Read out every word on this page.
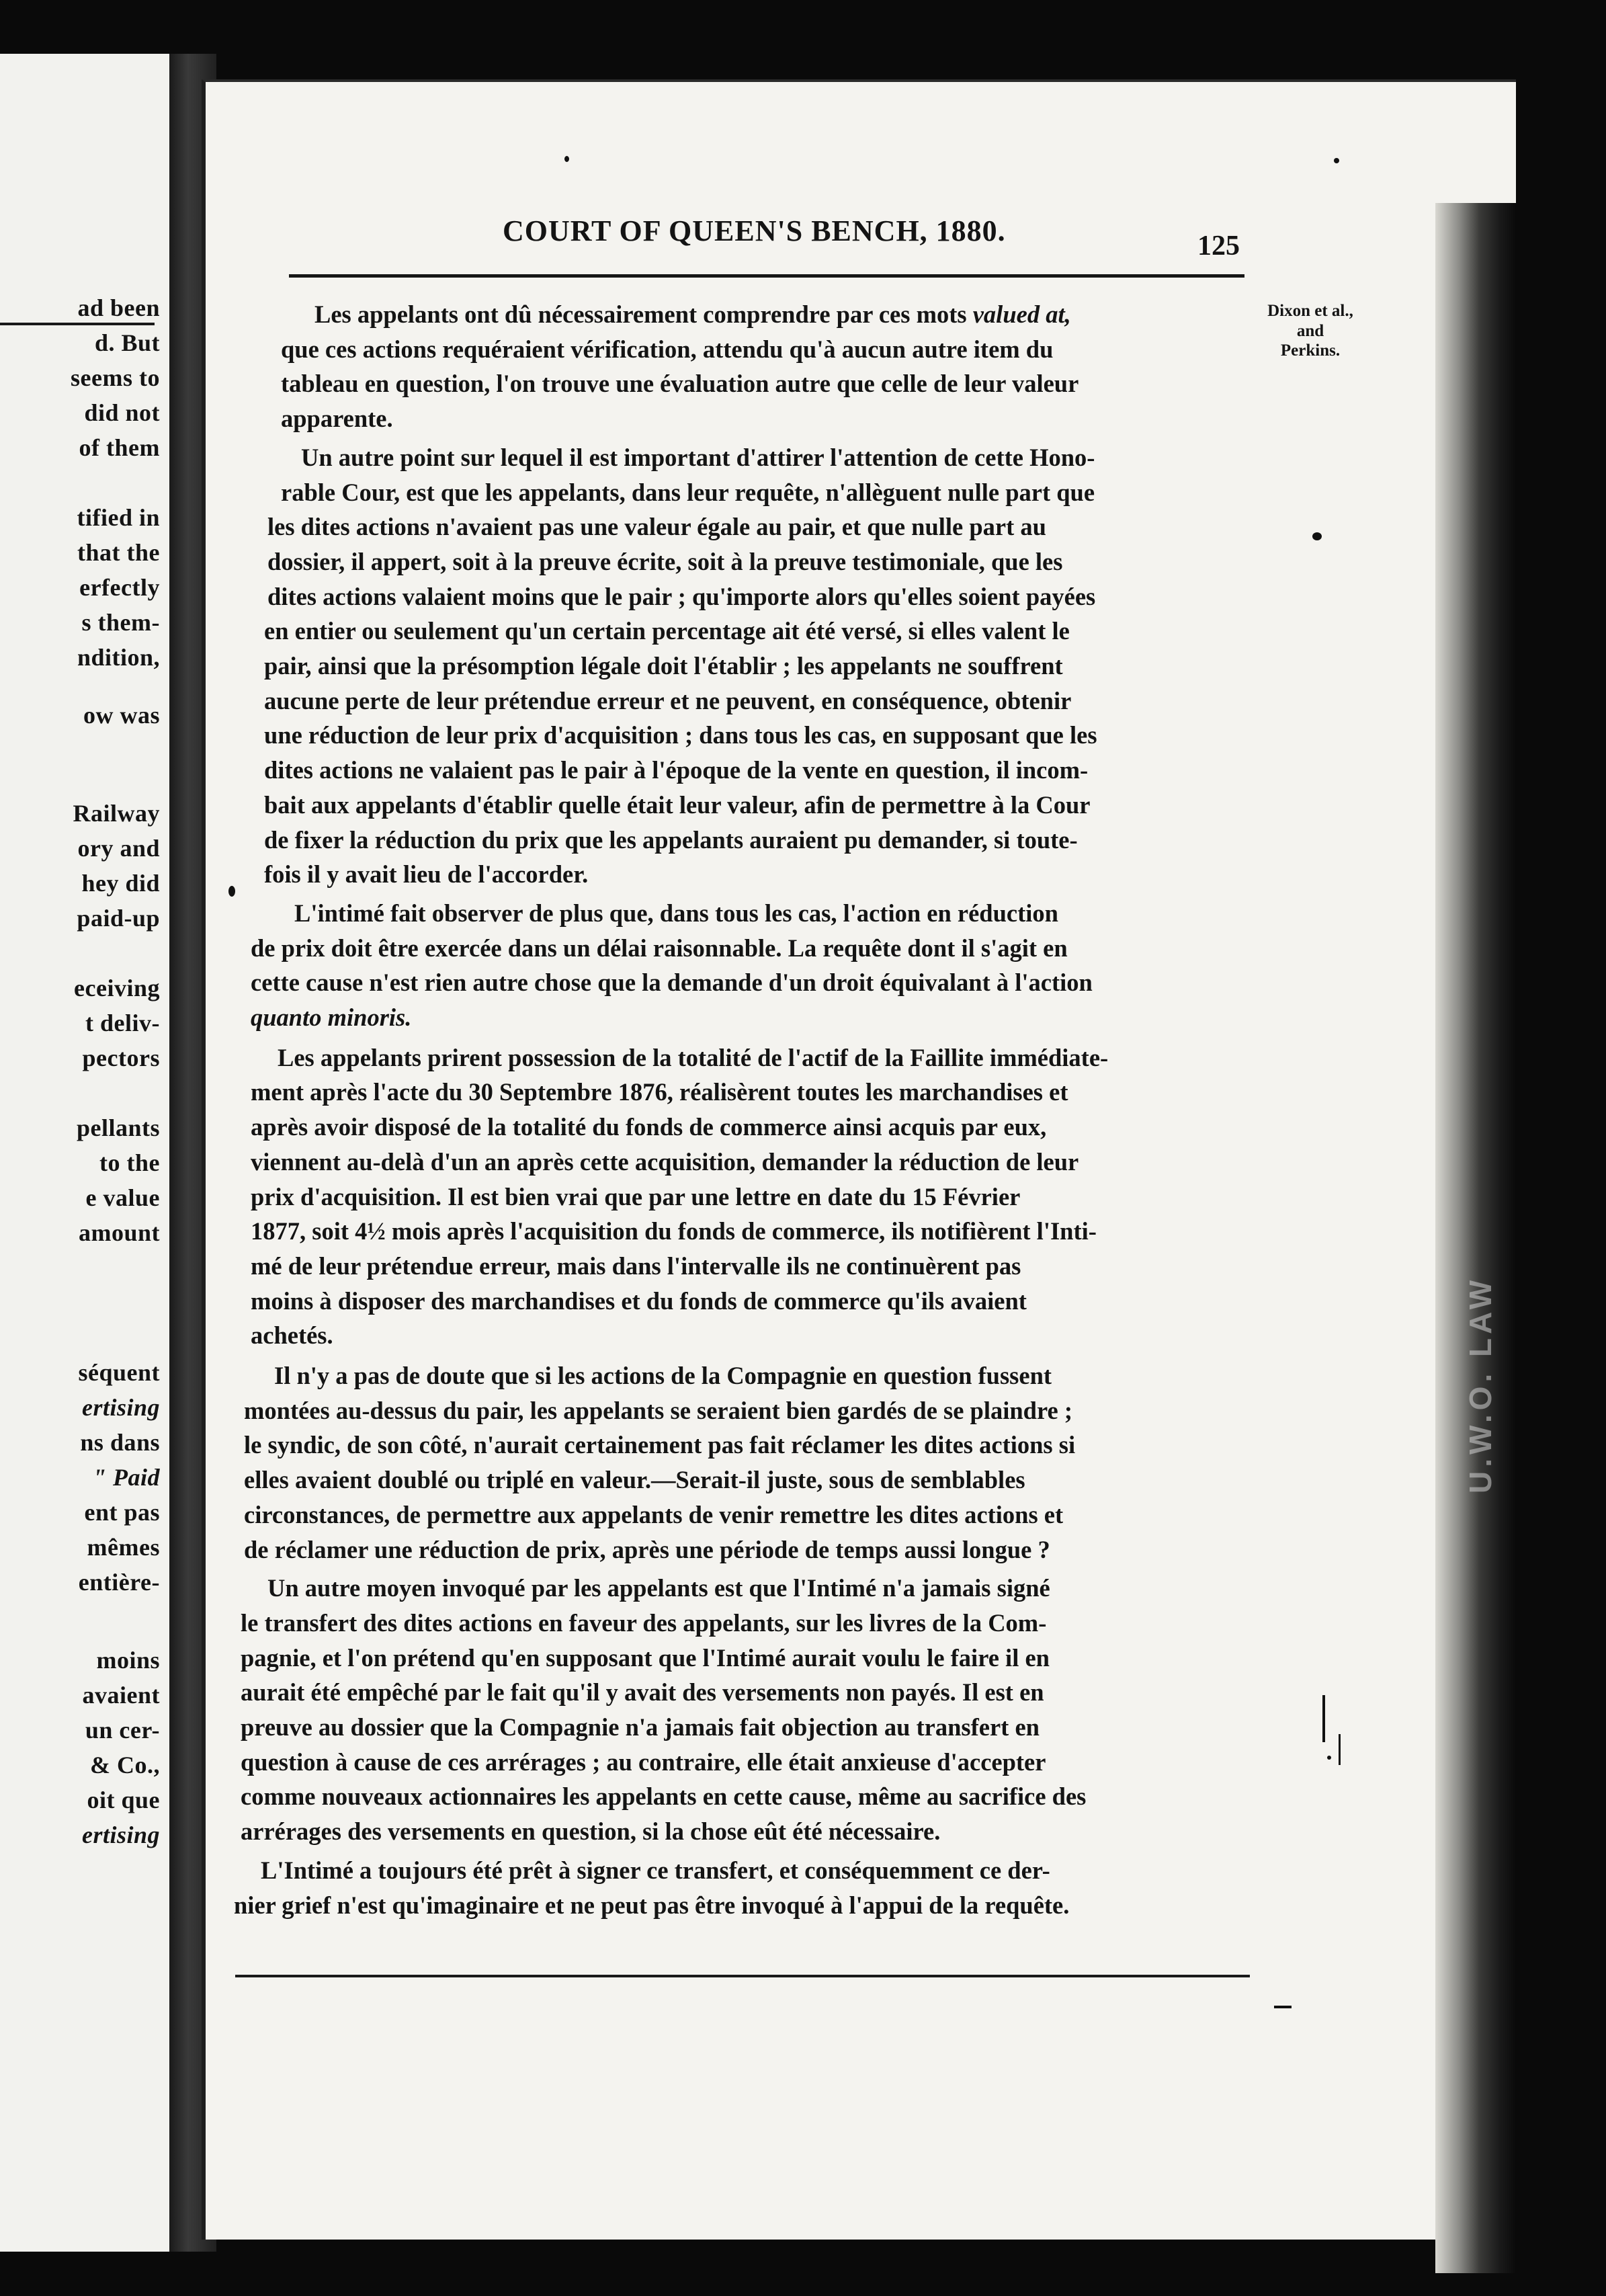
ad been
d. But
seems to
did not
of them
tified in
that the
erfectly
s them-
ndition,
ow was
Railway
ory and
hey did
paid-up
eceiving
t deliv-
pectors
pellants
to the
e value
amount
séquent
ertising
ns dans
" Paid
ent pas
mêmes
entière-
moins
avaient
un cer-
& Co.,
oit que
ertising
U.W.O. LAW
COURT OF QUEEN'S BENCH, 1880.	125
Dixon et al.,
and
Perkins.
Les appelants ont dû nécessairement comprendre par ces mots valued at,
que ces actions requéraient vérification, attendu qu'à aucun autre item du
tableau en question, l'on trouve une évaluation autre que celle de leur valeur
apparente.
Un autre point sur lequel il est important d'attirer l'attention de cette Hono-
rable Cour, est que les appelants, dans leur requête, n'allèguent nulle part que
les dites actions n'avaient pas une valeur égale au pair, et que nulle part au
dossier, il appert, soit à la preuve écrite, soit à la preuve testimoniale, que les
dites actions valaient moins que le pair ; qu'importe alors qu'elles soient payées
en entier ou seulement qu'un certain percentage ait été versé, si elles valent le
pair, ainsi que la présomption légale doit l'établir ; les appelants ne souffrent
aucune perte de leur prétendue erreur et ne peuvent, en conséquence, obtenir
une réduction de leur prix d'acquisition ; dans tous les cas, en supposant que les
dites actions ne valaient pas le pair à l'époque de la vente en question, il incom-
bait aux appelants d'établir quelle était leur valeur, afin de permettre à la Cour
de fixer la réduction du prix que les appelants auraient pu demander, si toute-
fois il y avait lieu de l'accorder.
L'intimé fait observer de plus que, dans tous les cas, l'action en réduction
de prix doit être exercée dans un délai raisonnable. La requête dont il s'agit en
cette cause n'est rien autre chose que la demande d'un droit équivalant à l'action
quanto minoris.
Les appelants prirent possession de la totalité de l'actif de la Faillite immédiate-
ment après l'acte du 30 Septembre 1876, réalisèrent toutes les marchandises et
après avoir disposé de la totalité du fonds de commerce ainsi acquis par eux,
viennent au-delà d'un an après cette acquisition, demander la réduction de leur
prix d'acquisition. Il est bien vrai que par une lettre en date du 15 Février
1877, soit 4½ mois après l'acquisition du fonds de commerce, ils notifièrent l'Inti-
mé de leur prétendue erreur, mais dans l'intervalle ils ne continuèrent pas
moins à disposer des marchandises et du fonds de commerce qu'ils avaient
achetés.
Il n'y a pas de doute que si les actions de la Compagnie en question fussent
montées au-dessus du pair, les appelants se seraient bien gardés de se plaindre ;
le syndic, de son côté, n'aurait certainement pas fait réclamer les dites actions si
elles avaient doublé ou triplé en valeur.—Serait-il juste, sous de semblables
circonstances, de permettre aux appelants de venir remettre les dites actions et
de réclamer une réduction de prix, après une période de temps aussi longue ?
Un autre moyen invoqué par les appelants est que l'Intimé n'a jamais signé
le transfert des dites actions en faveur des appelants, sur les livres de la Com-
pagnie, et l'on prétend qu'en supposant que l'Intimé aurait voulu le faire il en
aurait été empêché par le fait qu'il y avait des versements non payés. Il est en
preuve au dossier que la Compagnie n'a jamais fait objection au transfert en
question à cause de ces arrérages ; au contraire, elle était anxieuse d'accepter
comme nouveaux actionnaires les appelants en cette cause, même au sacrifice des
arrérages des versements en question, si la chose eût été nécessaire.
L'Intimé a toujours été prêt à signer ce transfert, et conséquemment ce der-
nier grief n'est qu'imaginaire et ne peut pas être invoqué à l'appui de la requête.
